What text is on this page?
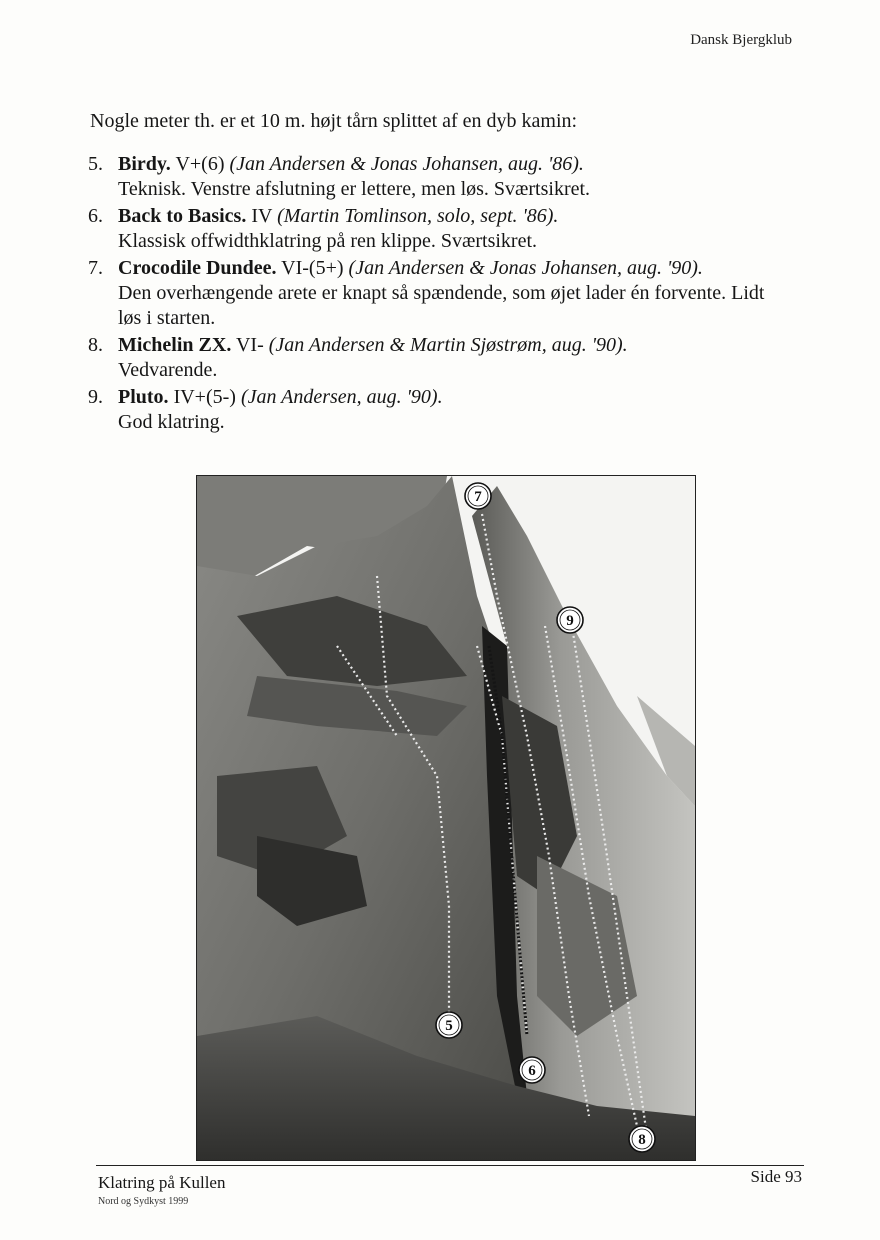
Dansk Bjergklub
Nogle meter th. er et 10 m. højt tårn splittet af en dyb kamin:
5. Birdy. V+(6) (Jan Andersen & Jonas Johansen, aug. '86).
Teknisk. Venstre afslutning er lettere, men løs. Sværtsikret.
6. Back to Basics. IV (Martin Tomlinson, solo, sept. '86).
Klassisk offwidthklatring på ren klippe. Sværtsikret.
7. Crocodile Dundee. VI-(5+) (Jan Andersen & Jonas Johansen, aug. '90).
Den overhængende arete er knapt så spændende, som øjet lader én forvente. Lidt løs i starten.
8. Michelin ZX. VI- (Jan Andersen & Martin Sjøstrøm, aug. '90).
Vedvarende.
9. Pluto. IV+(5-) (Jan Andersen, aug. '90).
God klatring.
7
9
5
6
8
Klatring på Kullen
Nord og Sydkyst 1999
Side 93
